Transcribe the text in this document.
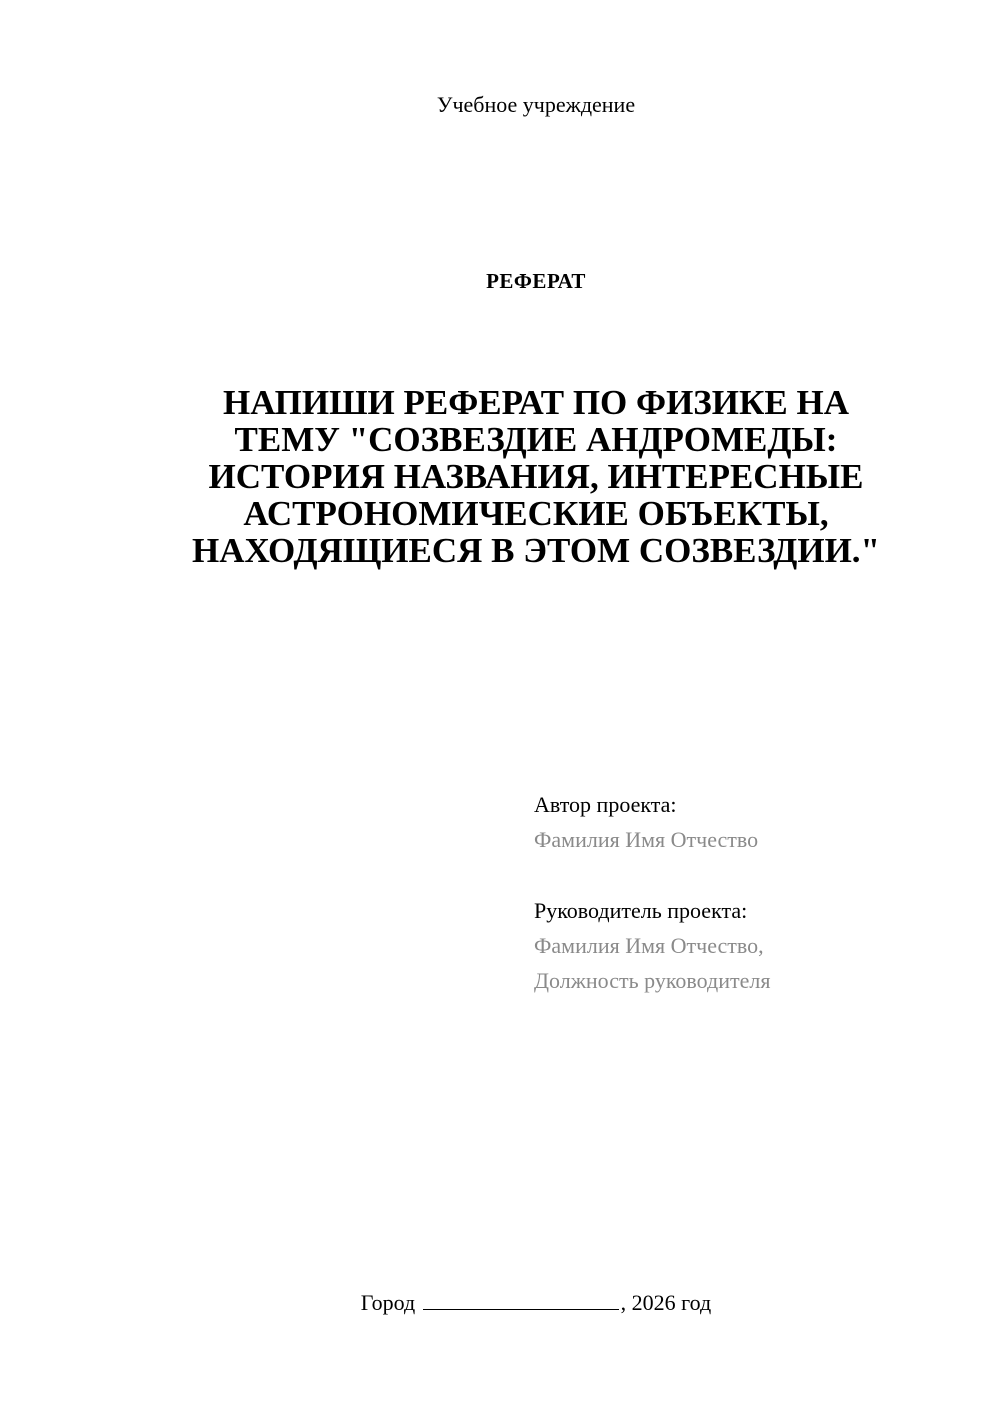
Учебное учреждение
РЕФЕРАТ
НАПИШИ РЕФЕРАТ ПО ФИЗИКЕ НА
ТЕМУ "СОЗВЕЗДИЕ АНДРОМЕДЫ:
ИСТОРИЯ НАЗВАНИЯ, ИНТЕРЕСНЫЕ
АСТРОНОМИЧЕСКИЕ ОБЪЕКТЫ,
НАХОДЯЩИЕСЯ В ЭТОМ СОЗВЕЗДИИ."
Автор проекта:
Фамилия Имя Отчество
Руководитель проекта:
Фамилия Имя Отчество,
Должность руководителя
Город	, 2026 год
